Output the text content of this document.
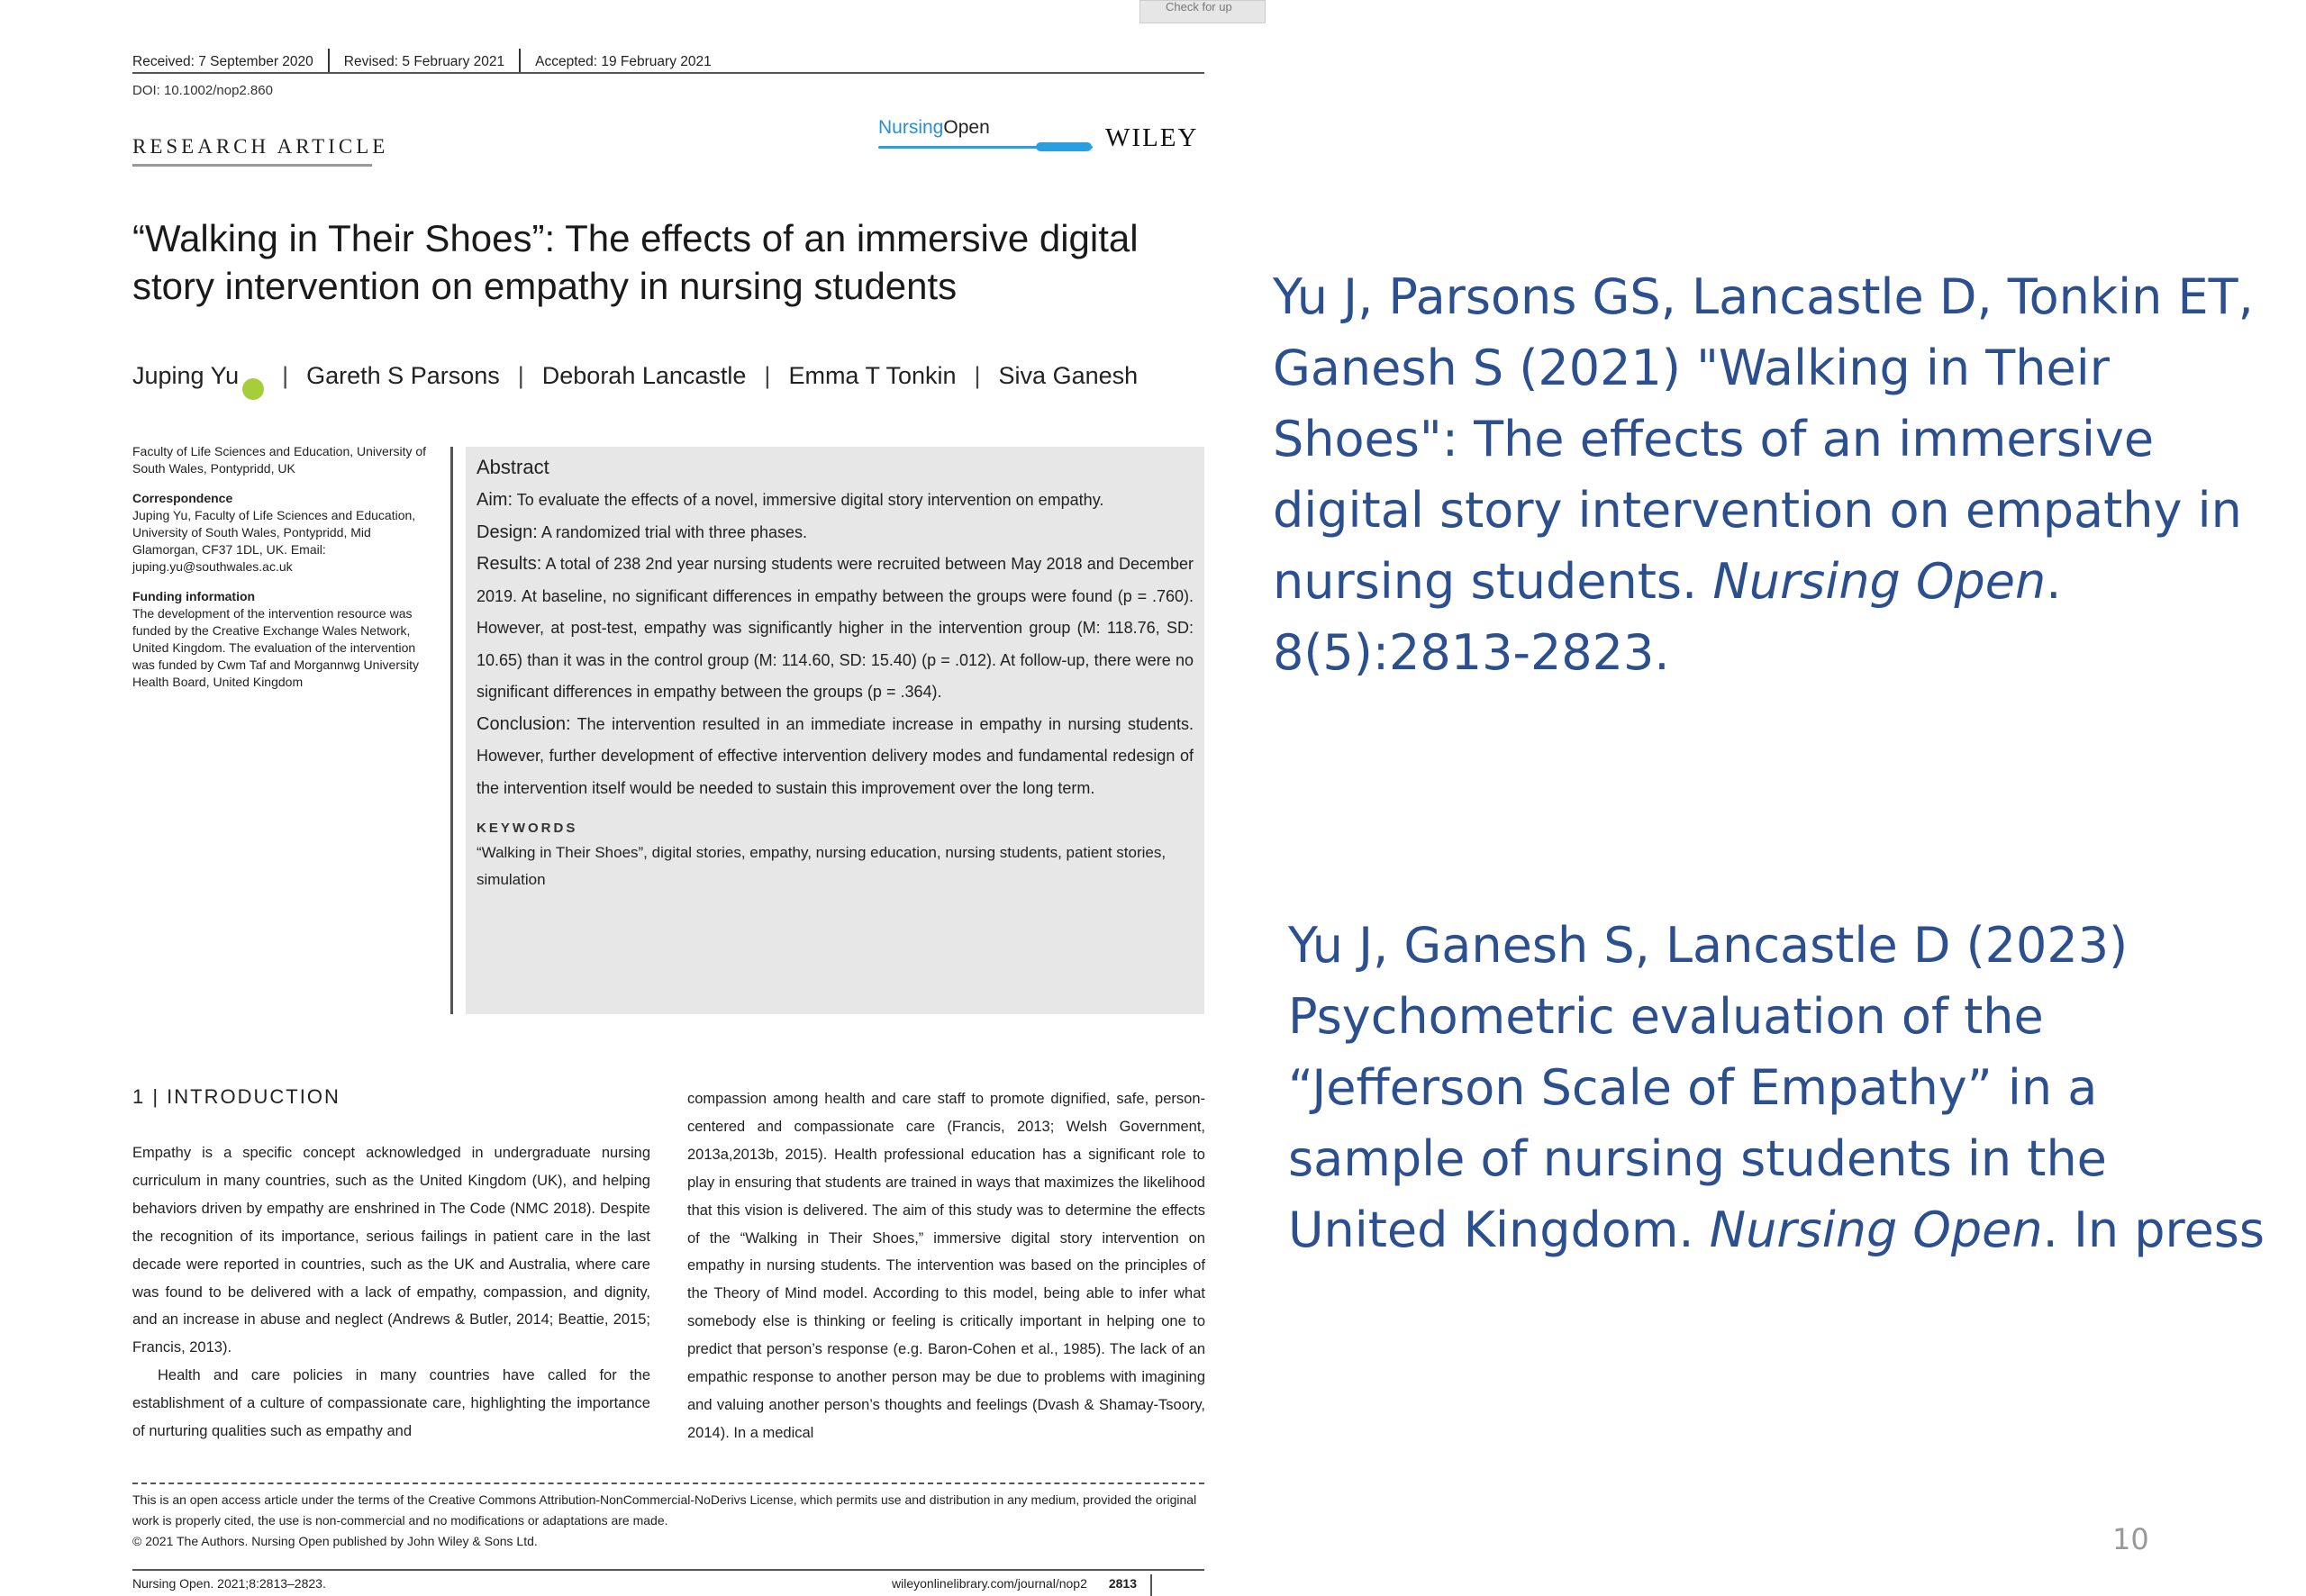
Check for up
Received: 7 September 2020 Revised: 5 February 2021 Accepted: 19 February 2021
DOI: 10.1002/nop2.860
RESEARCH ARTICLE
NursingOpen	WILEY
“Walking in Their Shoes”: The effects of an immersive digital story intervention on empathy in nursing students
Juping Yu | Gareth S Parsons | Deborah Lancastle | Emma T Tonkin | Siva Ganesh

Faculty of Life Sciences and Education, University of South Wales, Pontypridd, UK

Correspondence
Juping Yu, Faculty of Life Sciences and Education, University of South Wales, Pontypridd, Mid Glamorgan, CF37 1DL, UK. Email: juping.yu@southwales.ac.uk

Funding information
The development of the intervention resource was funded by the Creative Exchange Wales Network, United Kingdom. The evaluation of the intervention was funded by Cwm Taf and Morgannwg University Health Board, United Kingdom

Abstract

Aim: To evaluate the effects of a novel, immersive digital story intervention on empathy.

Design: A randomized trial with three phases.

Results: A total of 238 2nd year nursing students were recruited between May 2018 and December 2019. At baseline, no significant differences in empathy between the groups were found (p = .760). However, at post-test, empathy was significantly higher in the intervention group (M: 118.76, SD: 10.65) than it was in the control group (M: 114.60, SD: 15.40) (p = .012). At follow-up, there were no significant differences in empathy between the groups (p = .364).

Conclusion: The intervention resulted in an immediate increase in empathy in nursing students. However, further development of effective intervention delivery modes and fundamental redesign of the intervention itself would be needed to sustain this improvement over the long term.

KEYWORDS
“Walking in Their Shoes”, digital stories, empathy, nursing education, nursing students, patient stories, simulation
1 | INTRODUCTION

Empathy is a specific concept acknowledged in undergraduate nursing curriculum in many countries, such as the United Kingdom (UK), and helping behaviors driven by empathy are enshrined in The Code (NMC 2018). Despite the recognition of its importance, serious failings in patient care in the last decade were reported in countries, such as the UK and Australia, where care was found to be delivered with a lack of empathy, compassion, and dignity, and an increase in abuse and neglect (Andrews & Butler, 2014; Beattie, 2015; Francis, 2013).

Health and care policies in many countries have called for the establishment of a culture of compassionate care, highlighting the importance of nurturing qualities such as empathy and

compassion among health and care staff to promote dignified, safe, person-centered and compassionate care (Francis, 2013; Welsh Government, 2013a,2013b, 2015). Health professional education has a significant role to play in ensuring that students are trained in ways that maximizes the likelihood that this vision is delivered. The aim of this study was to determine the effects of the “Walking in Their Shoes,” immersive digital story intervention on empathy in nursing students. The intervention was based on the principles of the Theory of Mind model. According to this model, being able to infer what somebody else is thinking or feeling is critically important in helping one to predict that person’s response (e.g. Baron-Cohen et al., 1985). The lack of an empathic response to another person may be due to problems with imagining and valuing another person’s thoughts and feelings (Dvash & Shamay-Tsoory, 2014). In a medical

This is an open access article under the terms of the Creative Commons Attribution-NonCommercial-NoDerivs License, which permits use and distribution in any medium, provided the original work is properly cited, the use is non-commercial and no modifications or adaptations are made.
© 2021 The Authors. Nursing Open published by John Wiley & Sons Ltd.
Nursing Open. 2021;8:2813–2823.	wileyonlinelibrary.com/journal/nop2 2813
Yu J, Parsons GS, Lancastle D, Tonkin ET, Ganesh S (2021) "Walking in Their Shoes": The effects of an immersive digital story intervention on empathy in nursing students. Nursing Open. 8(5):2813-2823.
Yu J, Ganesh S, Lancastle D (2023) Psychometric evaluation of the “Jefferson Scale of Empathy” in a sample of nursing students in the United Kingdom. Nursing Open. In press
10
